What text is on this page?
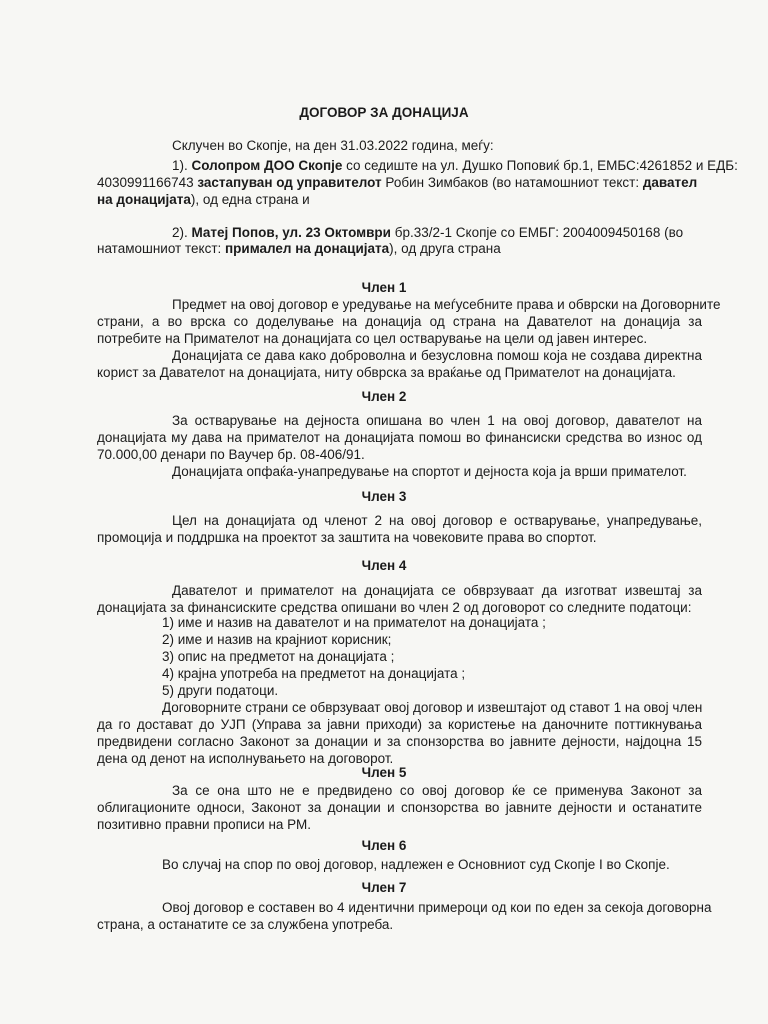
ДОГОВОР ЗА ДОНАЦИЈА
Склучен во Скопје, на ден 31.03.2022 година, меѓу:
1). Солопром ДОО Скопје со седиште на ул. Душко Поповиќ бр.1, ЕМБС:4261852 и ЕДБ:
4030991166743 застапуван од управителот Робин Зимбаков (во натамошниот текст: давател
на донацијата), од една страна и
2). Матеј Попов, ул. 23 Октомври бр.33/2-1 Скопје со ЕМБГ: 2004009450168 (во
натамошниот текст: прималел на донацијата), од друга страна
Член 1
Предмет на овој договор е уредување на меѓусебните права и обврски на Договорните
страни, а во врска со доделување на донација од страна на Давателот на донација за
потребите на Примателот на донацијата со цел остварување на цели од јавен интерес.
Донацијата се дава како доброволна и безусловна помош која не создава директна
корист за Давателот на донацијата, ниту обврска за враќање од Примателот на донацијата.
Член 2
За остварување на дејноста опишана во член 1 на овој договор, давателот на
донацијата му дава на примателот на донацијата помош во финансиски средства во износ од
70.000,00 денари по Ваучер бр. 08-406/91.
Донацијата опфаќа-унапредување на спортот и дејноста која ја врши примателот.
Член 3
Цел на донацијата од членот 2 на овој договор е остварување, унапредување,
промоција и поддршка на проектот за заштита на човековите права во спортот.
Член 4
Давателот и примателот на донацијата се обврзуваат да изготват извештај за
донацијата за финансиските средства опишани во член 2 од договорот со следните податоци:
1) име и назив на давателот и на примателот на донацијата ;
2) име и назив на крајниот корисник;
3) опис на предметот на донацијата ;
4) крајна употреба на предметот на донацијата ;
5) други податоци.
Договорните страни се обврзуваат овој договор и извештајот од ставот 1 на овој член
да го достават до УЈП (Управа за јавни приходи) за користење на даночните поттикнувања
предвидени согласно Законот за донации и за спонзорства во јавните дејности, најдоцна 15
дена од денот на исполнувањето на договорот.
Член 5
За се она што не е предвидено со овој договор ќе се применува Законот за
облигационите односи, Законот за донации и спонзорства во јавните дејности и останатите
позитивно правни прописи на РМ.
Член 6
Во случај на спор по овој договор, надлежен е Основниот суд Скопје I во Скопје.
Член 7
Овој договор е составен во 4 идентични примероци од кои по еден за секоја договорна
страна, а останатите се за службена употреба.
